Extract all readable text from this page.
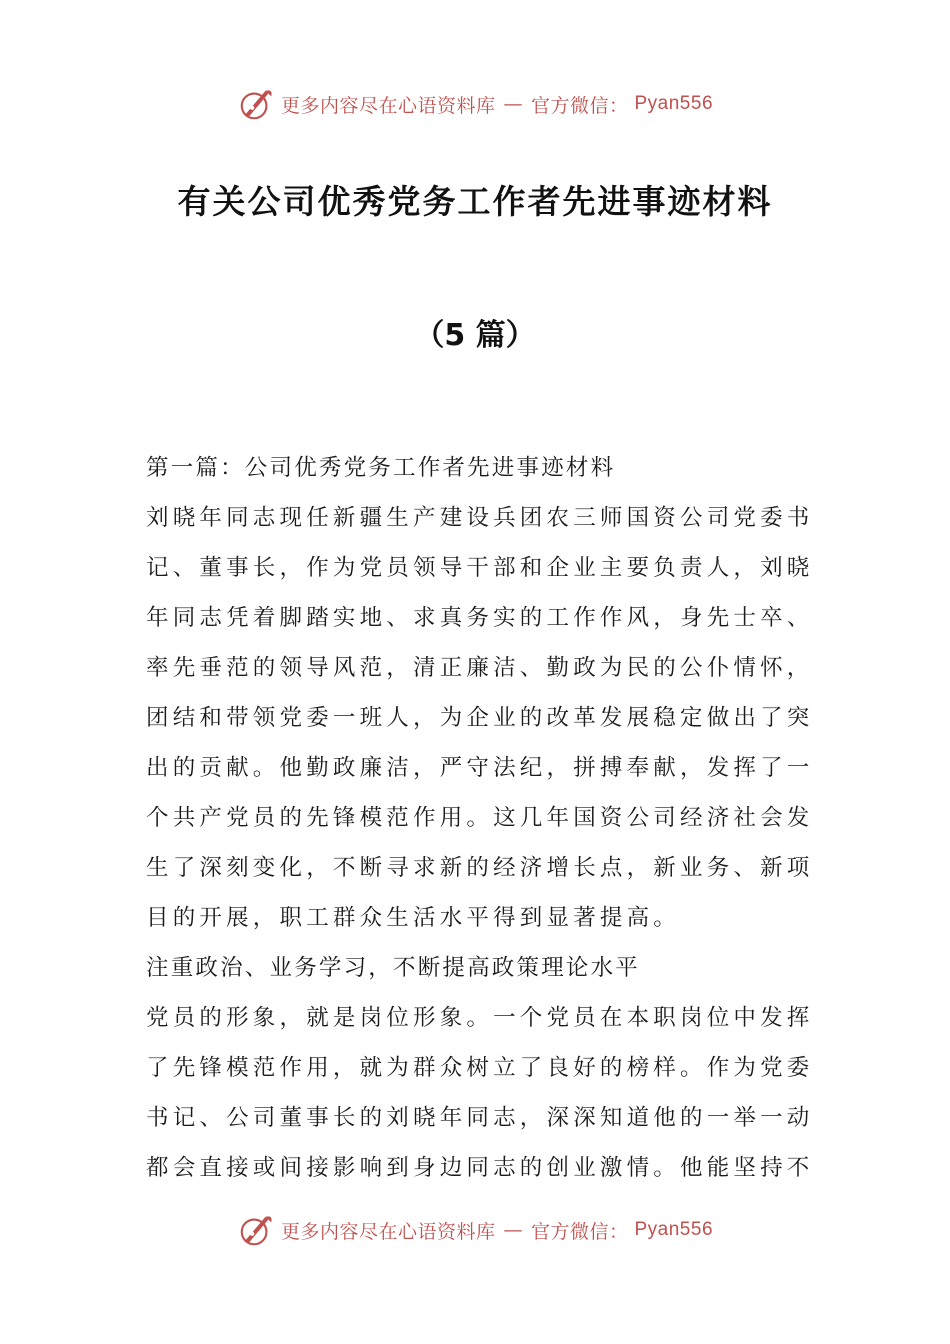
更多内容尽在心语资料库 — 官方微信： Pyan556
有关公司优秀党务工作者先进事迹材料
（5 篇）
第一篇：公司优秀党务工作者先进事迹材料
刘晓年同志现任新疆生产建设兵团农三师国资公司党委书
记、董事长，作为党员领导干部和企业主要负责人，刘晓
年同志凭着脚踏实地、求真务实的工作作风，身先士卒、
率先垂范的领导风范，清正廉洁、勤政为民的公仆情怀，
团结和带领党委一班人，为企业的改革发展稳定做出了突
出的贡献。他勤政廉洁，严守法纪，拼搏奉献，发挥了一
个共产党员的先锋模范作用。这几年国资公司经济社会发
生了深刻变化，不断寻求新的经济增长点，新业务、新项
目的开展，职工群众生活水平得到显著提高。
注重政治、业务学习，不断提高政策理论水平
党员的形象，就是岗位形象。一个党员在本职岗位中发挥
了先锋模范作用，就为群众树立了良好的榜样。作为党委
书记、公司董事长的刘晓年同志，深深知道他的一举一动
都会直接或间接影响到身边同志的创业激情。他能坚持不
更多内容尽在心语资料库 — 官方微信： Pyan556
